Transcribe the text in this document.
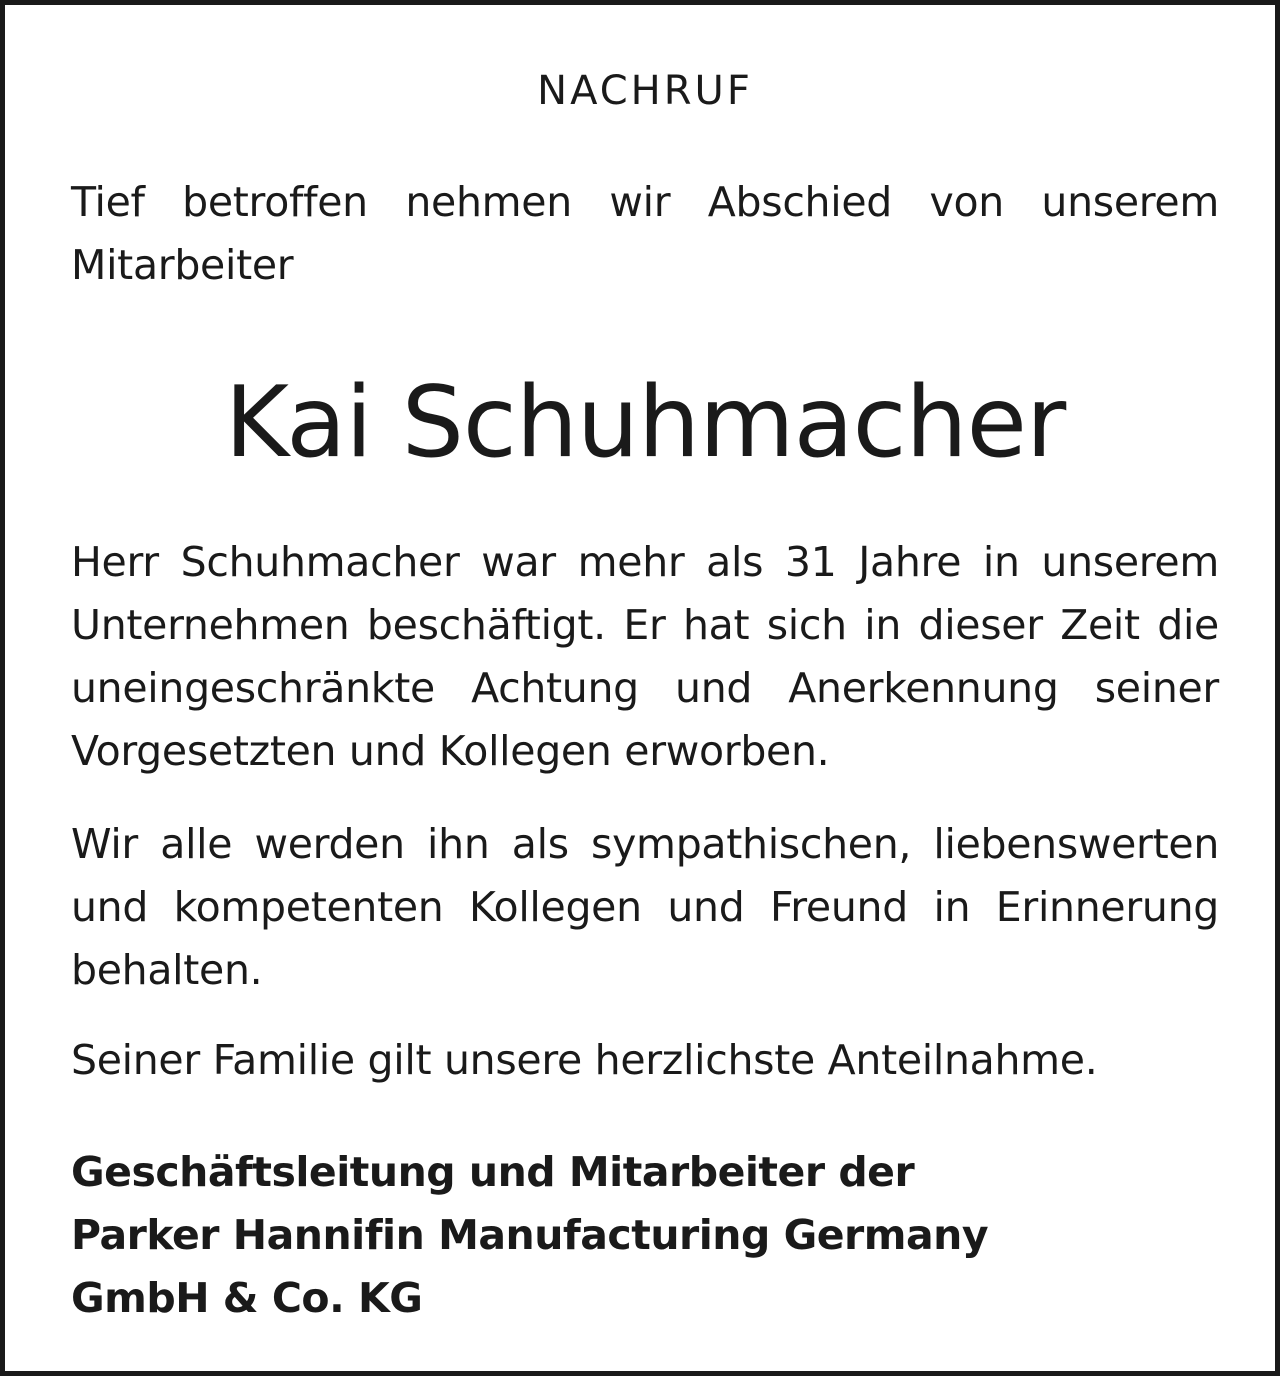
NACHRUF

Tief betroffen nehmen wir Abschied von unserem Mitarbeiter

Kai Schuhmacher

Herr Schuhmacher war mehr als 31 Jahre in unserem Unternehmen beschäftigt. Er hat sich in dieser Zeit die uneingeschränkte Achtung und Anerkennung seiner Vorgesetzten und Kollegen erworben.

Wir alle werden ihn als sympathischen, liebenswerten und kompetenten Kollegen und Freund in Erinnerung behalten.

Seiner Familie gilt unsere herzlichste Anteilnahme.

Geschäftsleitung und Mitarbeiter der
Parker Hannifin Manufacturing Germany
GmbH & Co. KG
